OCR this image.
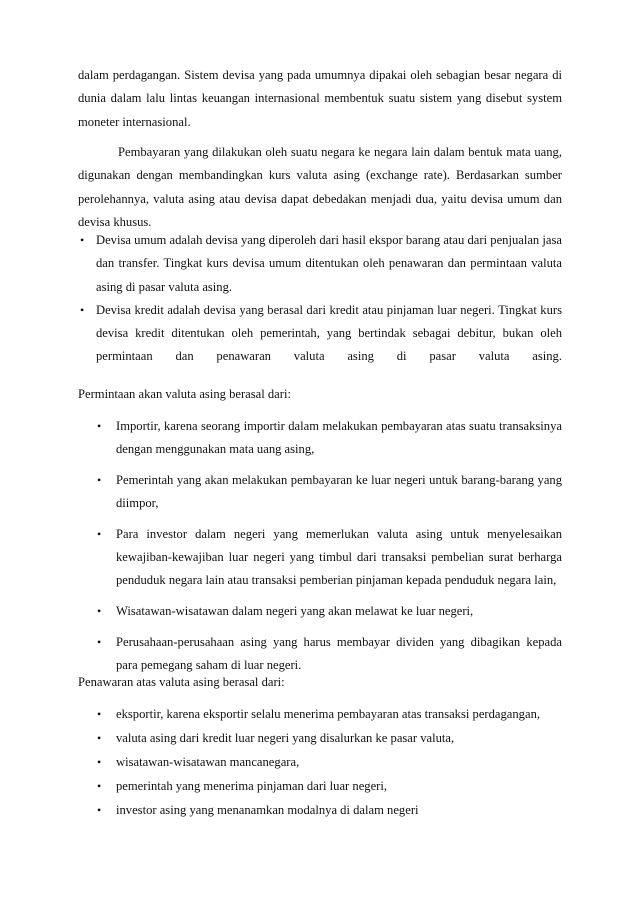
dalam perdagangan. Sistem devisa yang pada umumnya dipakai oleh sebagian besar negara di dunia dalam lalu lintas keuangan internasional membentuk suatu sistem yang disebut system moneter internasional.

Pembayaran yang dilakukan oleh suatu negara ke negara lain dalam bentuk mata uang, digunakan dengan membandingkan kurs valuta asing (exchange rate). Berdasarkan sumber perolehannya, valuta asing atau devisa dapat debedakan menjadi dua, yaitu devisa umum dan devisa khusus.

• Devisa umum adalah devisa yang diperoleh dari hasil ekspor barang atau dari penjualan jasa dan transfer. Tingkat kurs devisa umum ditentukan oleh penawaran dan permintaan valuta asing di pasar valuta asing.
• Devisa kredit adalah devisa yang berasal dari kredit atau pinjaman luar negeri. Tingkat kurs devisa kredit ditentukan oleh pemerintah, yang bertindak sebagai debitur, bukan oleh permintaan dan penawaran valuta asing di pasar valuta asing.

Permintaan akan valuta asing berasal dari:

• Importir, karena seorang importir dalam melakukan pembayaran atas suatu transaksinya dengan menggunakan mata uang asing,
• Pemerintah yang akan melakukan pembayaran ke luar negeri untuk barang-barang yang diimpor,
• Para investor dalam negeri yang memerlukan valuta asing untuk menyelesaikan kewajiban-kewajiban luar negeri yang timbul dari transaksi pembelian surat berharga penduduk negara lain atau transaksi pemberian pinjaman kepada penduduk negara lain,
• Wisatawan-wisatawan dalam negeri yang akan melawat ke luar negeri,
• Perusahaan-perusahaan asing yang harus membayar dividen yang dibagikan kepada para pemegang saham di luar negeri.

Penawaran atas valuta asing berasal dari:

• eksportir, karena eksportir selalu menerima pembayaran atas transaksi perdagangan,
• valuta asing dari kredit luar negeri yang disalurkan ke pasar valuta,
• wisatawan-wisatawan mancanegara,
• pemerintah yang menerima pinjaman dari luar negeri,
• investor asing yang menanamkan modalnya di dalam negeri
